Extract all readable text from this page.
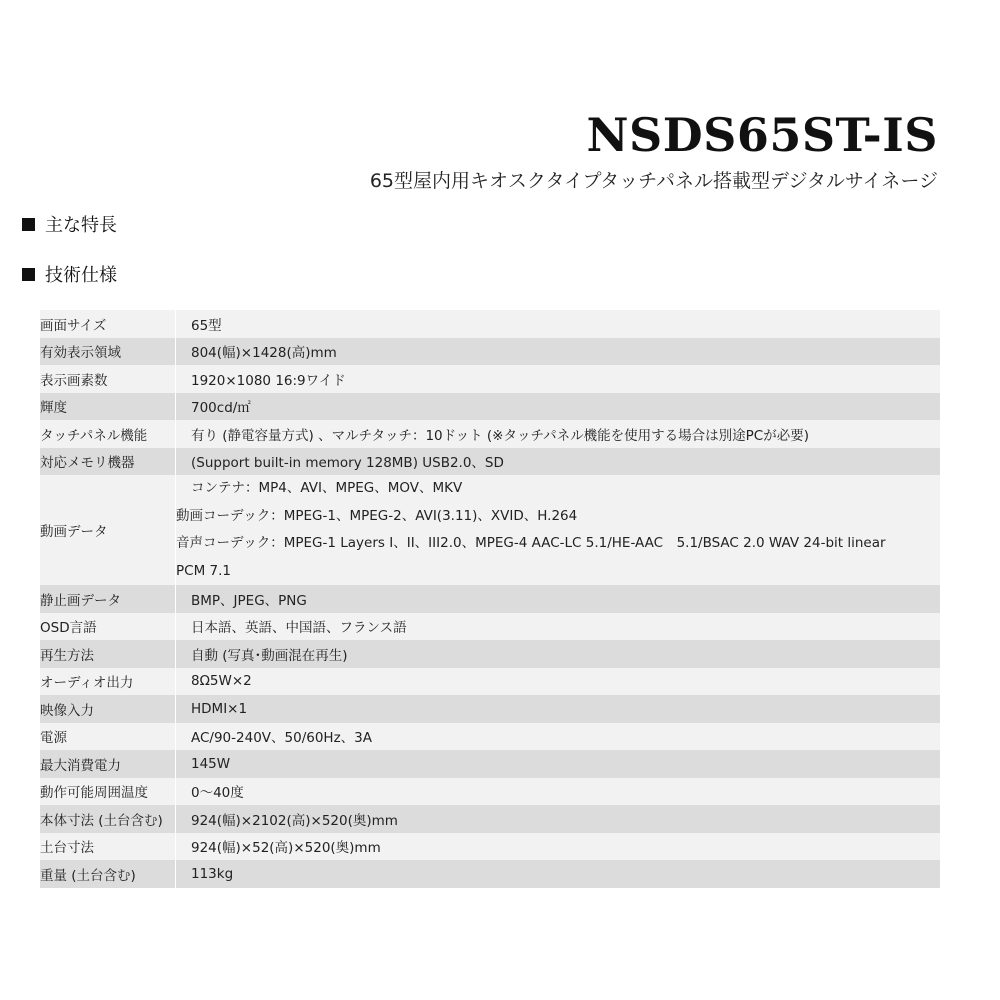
NSDS65ST-IS
65型屋内用キオスクタイプタッチパネル搭載型デジタルサイネージ
主な特長
技術仕様
画面サイズ	65型
有効表示領域	804(幅)×1428(高)mm
表示画素数	1920×1080 16:9ワイド
輝度	700cd/㎡
タッチパネル機能	有り (静電容量方式) 、マルチタッチ：10ドット (※タッチパネル機能を使用する場合は別途PCが必要)
対応メモリ機器	(Support built-in memory 128MB) USB2.0、SD
動画データ	コンテナ：MP4、AVI、MPEG、MOV、MKV
動画コーデック：MPEG-1、MPEG-2、AVI(3.11)、XVID、H.264
音声コーデック：MPEG-1 Layers I、II、III2.0、MPEG-4 AAC-LC 5.1/HE-AAC　5.1/BSAC 2.0 WAV 24-bit linear
PCM 7.1

静止画データ	BMP、JPEG、PNG
OSD言語	日本語、英語、中国語、フランス語
再生方法	自動 (写真･動画混在再生)
オーディオ出力	8Ω5W×2
映像入力	HDMI×1
電源	AC/90-240V、50/60Hz、3A
最大消費電力	145W
動作可能周囲温度	0～40度
本体寸法 (土台含む)	924(幅)×2102(高)×520(奥)mm
土台寸法	924(幅)×52(高)×520(奥)mm
重量 (土台含む)	113kg
